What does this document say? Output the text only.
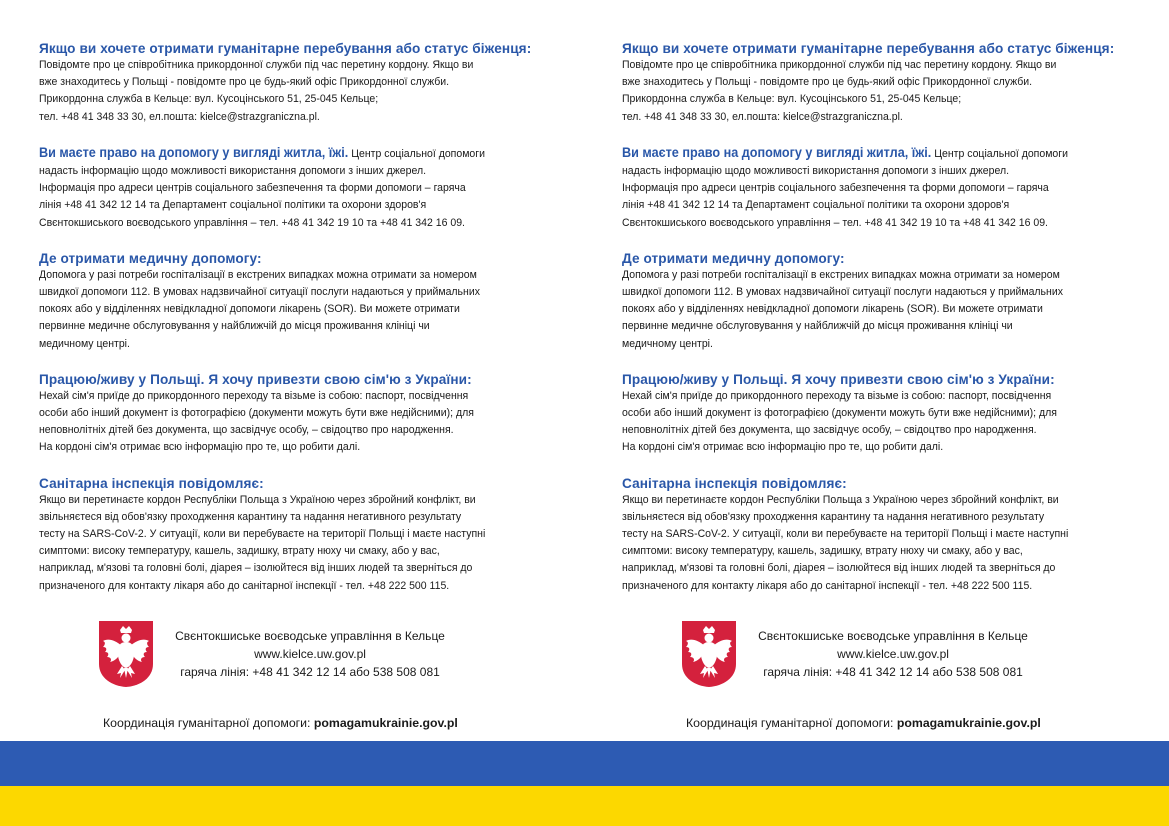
Якщо ви хочете отримати гуманітарне перебування або статус біженця:

Повідомте про це співробітника прикордонної служби під час перетину кордону. Якщо ви

вже знаходитесь у Польщі - повідомте про це будь-який офіс Прикордонної служби.

Прикордонна служба в Кельце: вул. Кусоцінського 51, 25-045 Кельце;

тел. +48 41 348 33 30, ел.пошта: kielce@strazgraniczna.pl.

Ви маєте право на допомогу у вигляді житла, їжі. Центр соціальної допомоги

надасть інформацію щодо можливості використання допомоги з інших джерел.

Інформація про адреси центрів соціального забезпечення та форми допомоги – гаряча

лінія +48 41 342 12 14 та Департамент соціальної політики та охорони здоров'я

Свєнтокшиського воєводського управління – тел. +48 41 342 19 10 та +48 41 342 16 09.

Де отримати медичну допомогу:

Допомога у разі потреби госпіталізації в екстрених випадках можна отримати за номером

швидкої допомоги 112. В умовах надзвичайної ситуації послуги надаються у приймальних

покоях або у відділеннях невідкладної допомоги лікарень (SOR). Ви можете отримати

первинне медичне обслуговування у найближчій до місця проживання клініці чи

медичному центрі.

Працюю/живу у Польщі. Я хочу привезти свою сім'ю з України:

Нехай сім'я приїде до прикордонного переходу та візьме із собою: паспорт, посвідчення

особи або інший документ із фотографією (документи можуть бути вже недійсними); для

неповнолітніх дітей без документа, що засвідчує особу, – свідоцтво про народження.

На кордоні сім'я отримає всю інформацію про те, що робити далі.

Санітарна інспекція повідомляє:

Якщо ви перетинаєте кордон Республіки Польща з Україною через збройний конфлікт, ви

звільняєтеся від обов'язку проходження карантину та надання негативного результату

тесту на SARS-CoV-2. У ситуації, коли ви перебуваєте на території Польщі і маєте наступні

симптоми: високу температуру, кашель, задишку, втрату нюху чи смаку, або у вас,

наприклад, м'язові та головні болі, діарея – ізолюйтеся від інших людей та зверніться до

призначеного для контакту лікаря або до санітарної інспекції - тел. +48 222 500 115.

Якщо ви хочете отримати гуманітарне перебування або статус біженця:

Повідомте про це співробітника прикордонної служби під час перетину кордону. Якщо ви

вже знаходитесь у Польщі - повідомте про це будь-який офіс Прикордонної служби.

Прикордонна служба в Кельце: вул. Кусоцінського 51, 25-045 Кельце;

тел. +48 41 348 33 30, ел.пошта: kielce@strazgraniczna.pl.

Ви маєте право на допомогу у вигляді житла, їжі. Центр соціальної допомоги

надасть інформацію щодо можливості використання допомоги з інших джерел.

Інформація про адреси центрів соціального забезпечення та форми допомоги – гаряча

лінія +48 41 342 12 14 та Департамент соціальної політики та охорони здоров'я

Свєнтокшиського воєводського управління – тел. +48 41 342 19 10 та +48 41 342 16 09.

Де отримати медичну допомогу:

Допомога у разі потреби госпіталізації в екстрених випадках можна отримати за номером

швидкої допомоги 112. В умовах надзвичайної ситуації послуги надаються у приймальних

покоях або у відділеннях невідкладної допомоги лікарень (SOR). Ви можете отримати

первинне медичне обслуговування у найближчій до місця проживання клініці чи

медичному центрі.

Працюю/живу у Польщі. Я хочу привезти свою сім'ю з України:

Нехай сім'я приїде до прикордонного переходу та візьме із собою: паспорт, посвідчення

особи або інший документ із фотографією (документи можуть бути вже недійсними); для

неповнолітніх дітей без документа, що засвідчує особу, – свідоцтво про народження.

На кордоні сім'я отримає всю інформацію про те, що робити далі.

Санітарна інспекція повідомляє:

Якщо ви перетинаєте кордон Республіки Польща з Україною через збройний конфлікт, ви

звільняєтеся від обов'язку проходження карантину та надання негативного результату

тесту на SARS-CoV-2. У ситуації, коли ви перебуваєте на території Польщі і маєте наступні

симптоми: високу температуру, кашель, задишку, втрату нюху чи смаку, або у вас,

наприклад, м'язові та головні болі, діарея – ізолюйтеся від інших людей та зверніться до

призначеного для контакту лікаря або до санітарної інспекції - тел. +48 222 500 115.

Свєнтокшиське воєводське управління в Кельце
www.kielce.uw.gov.pl
гаряча лінія: +48 41 342 12 14 або 538 508 081
Свєнтокшиське воєводське управління в Кельце
www.kielce.uw.gov.pl
гаряча лінія: +48 41 342 12 14 або 538 508 081
Координація гуманітарної допомоги: pomagamukrainie.gov.pl	Координація гуманітарної допомоги: pomagamukrainie.gov.pl
